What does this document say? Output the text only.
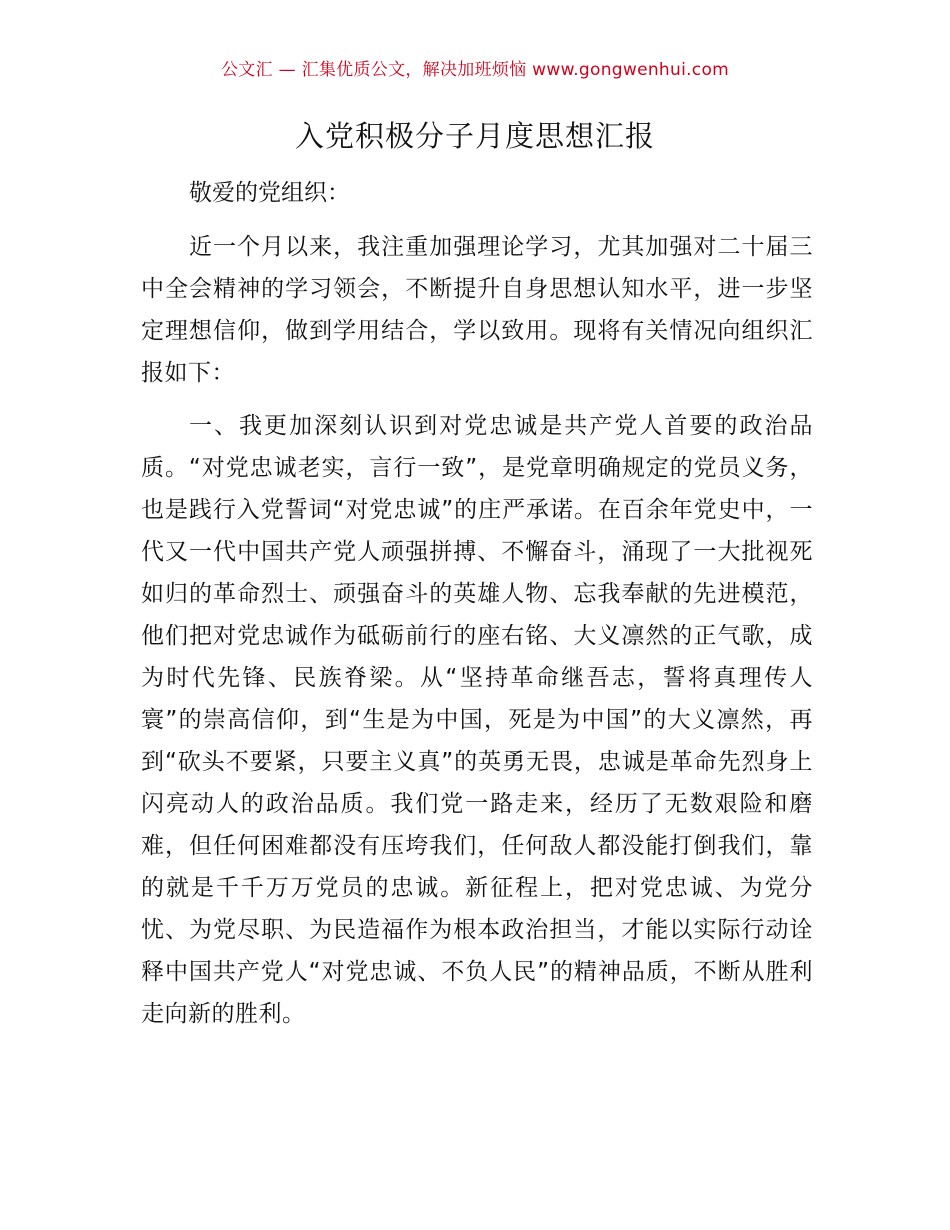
公文汇 — 汇集优质公文，解决加班烦恼 www.gongwenhui.com
入党积极分子月度思想汇报
敬爱的党组织：

近一个月以来，我注重加强理论学习，尤其加强对二十届三中全会精神的学习领会，不断提升自身思想认知水平，进一步坚定理想信仰，做到学用结合，学以致用。现将有关情况向组织汇报如下：

一、我更加深刻认识到对党忠诚是共产党人首要的政治品质。“对党忠诚老实，言行一致”，是党章明确规定的党员义务，也是践行入党誓词“对党忠诚”的庄严承诺。在百余年党史中，一代又一代中国共产党人顽强拼搏、不懈奋斗，涌现了一大批视死如归的革命烈士、顽强奋斗的英雄人物、忘我奉献的先进模范，他们把对党忠诚作为砥砺前行的座右铭、大义凛然的正气歌，成为时代先锋、民族脊梁。从“坚持革命继吾志，誓将真理传人寰”的崇高信仰，到“生是为中国，死是为中国”的大义凛然，再到“砍头不要紧，只要主义真”的英勇无畏，忠诚是革命先烈身上闪亮动人的政治品质。我们党一路走来，经历了无数艰险和磨难，但任何困难都没有压垮我们，任何敌人都没能打倒我们，靠的就是千千万万党员的忠诚。新征程上，把对党忠诚、为党分忧、为党尽职、为民造福作为根本政治担当，才能以实际行动诠释中国共产党人“对党忠诚、不负人民”的精神品质，不断从胜利走向新的胜利。
